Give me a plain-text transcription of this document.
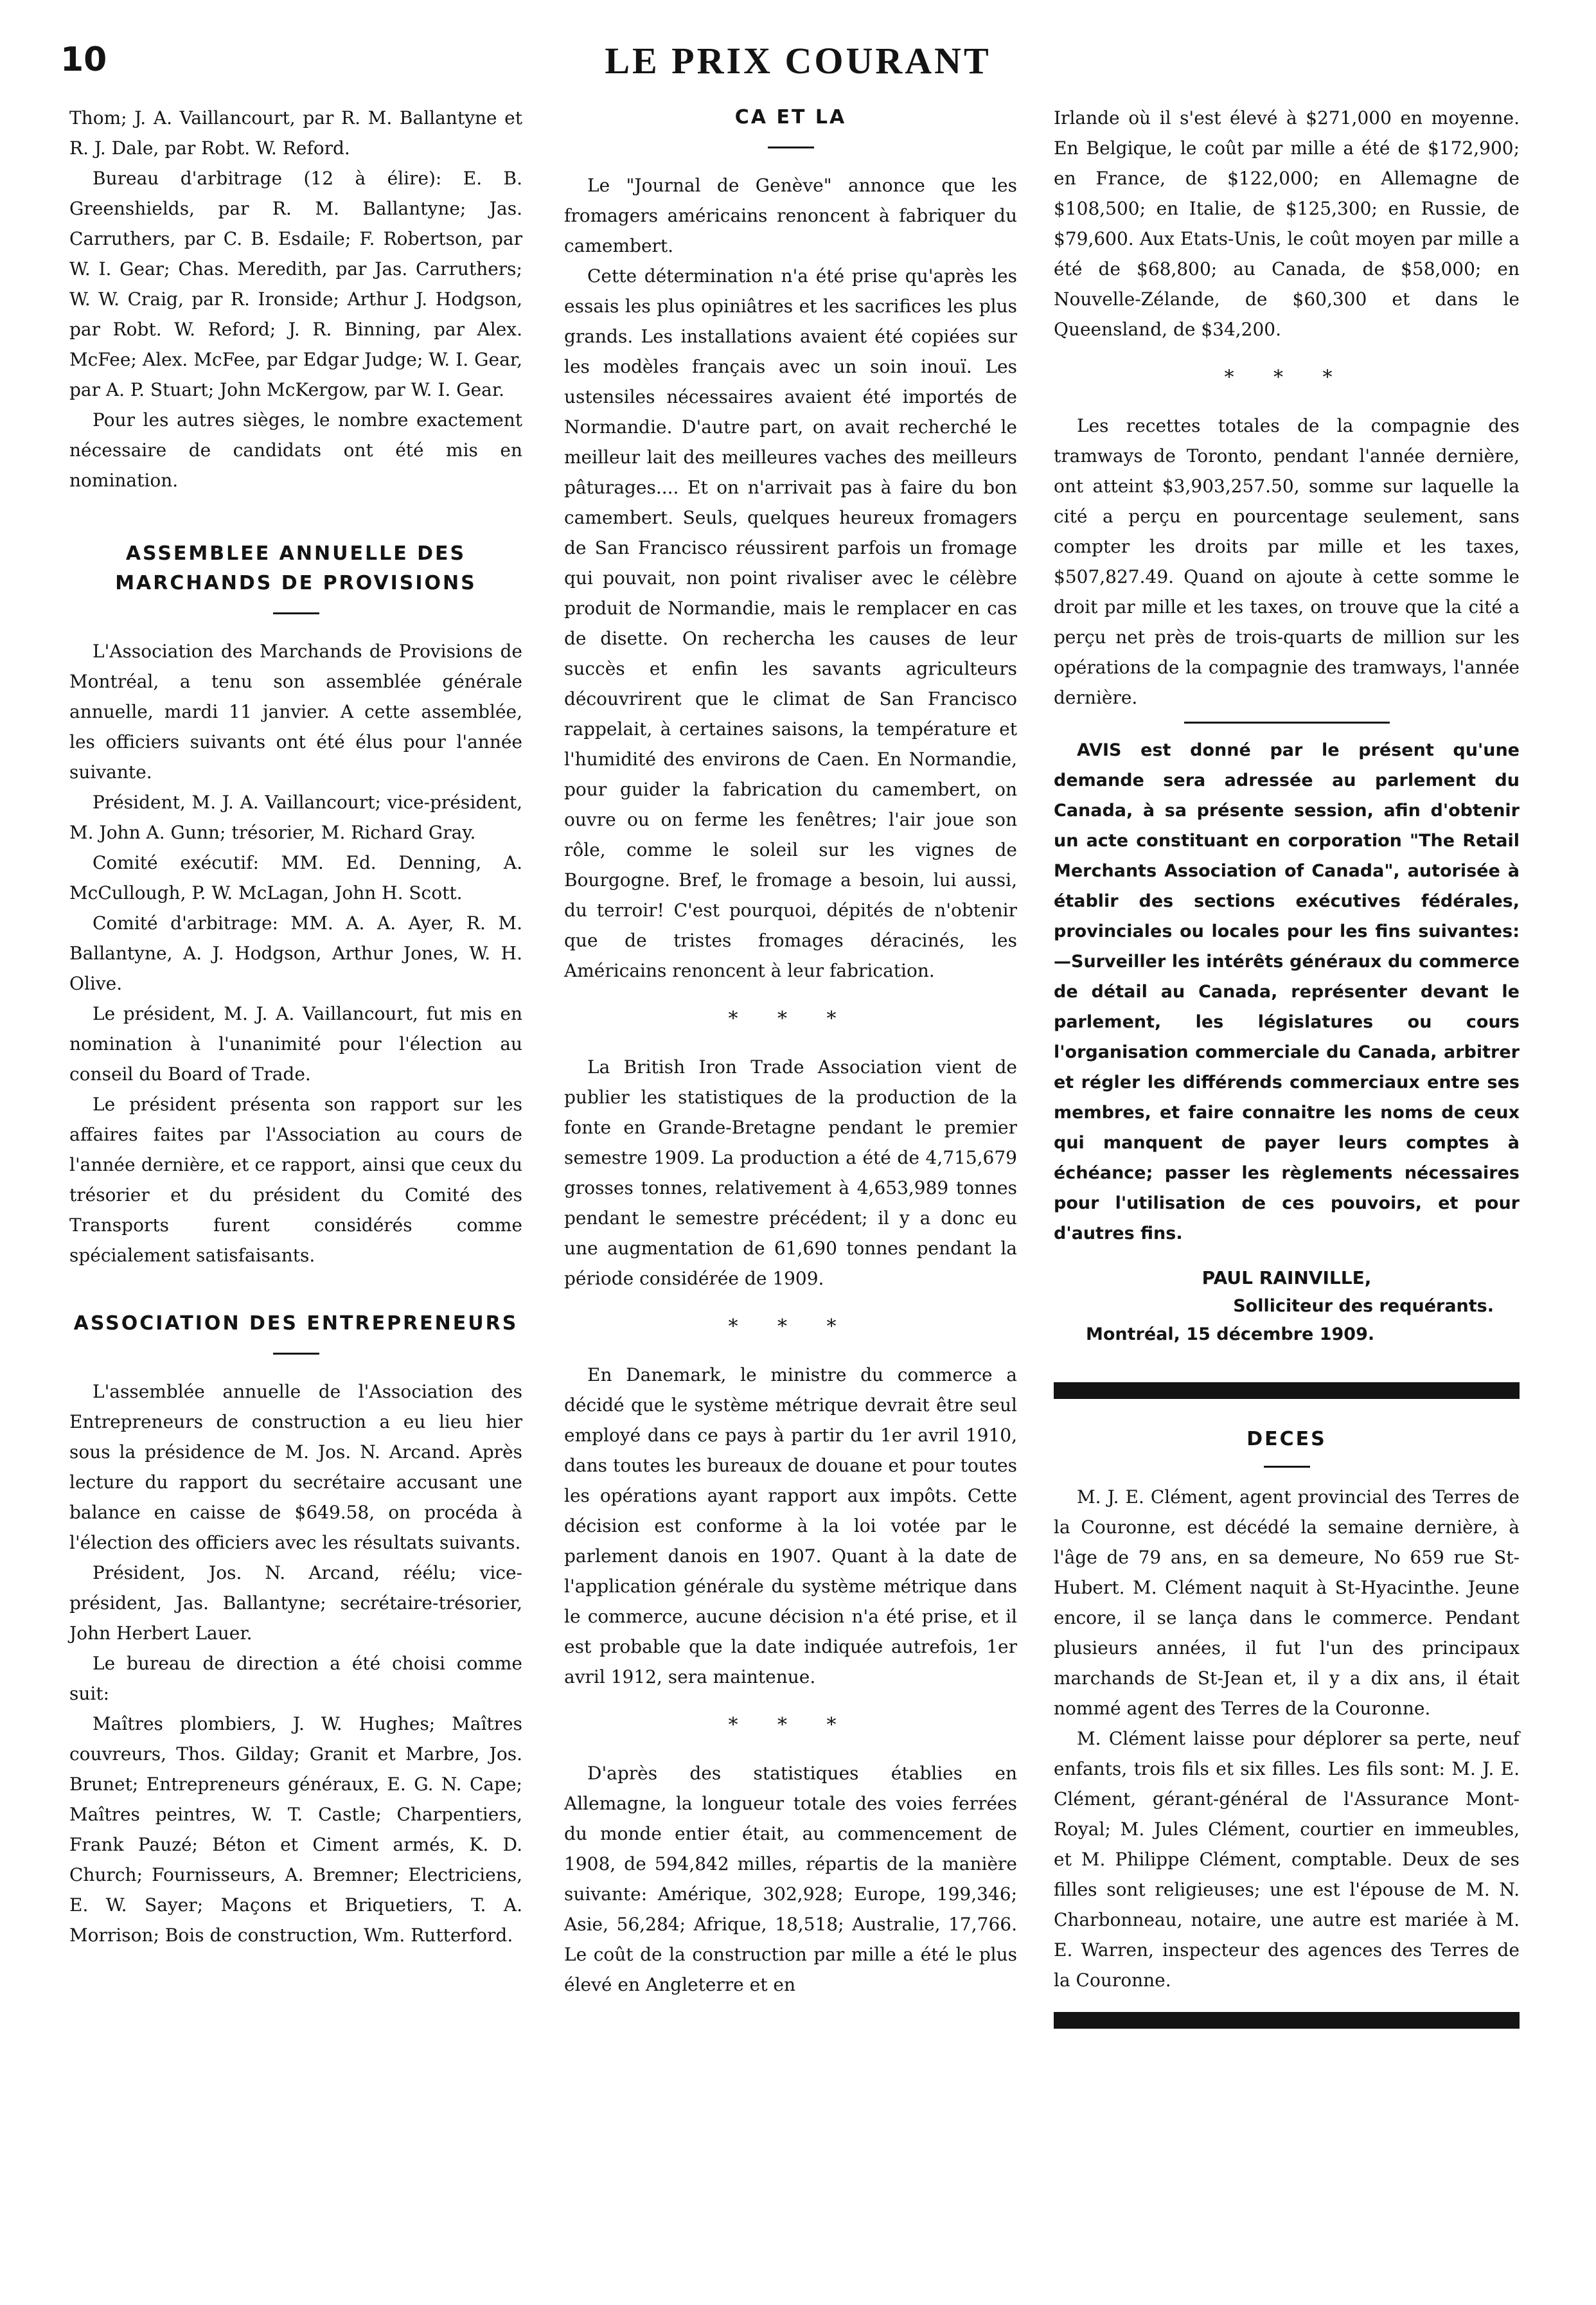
10	LE PRIX COURANT

Thom; J. A. Vaillancourt, par R. M. Ballantyne et R. J. Dale, par Robt. W. Reford.

Bureau d'arbitrage (12 à élire): E. B. Greenshields, par R. M. Ballantyne; Jas. Carruthers, par C. B. Esdaile; F. Robertson, par W. I. Gear; Chas. Meredith, par Jas. Carruthers; W. W. Craig, par R. Ironside; Arthur J. Hodgson, par Robt. W. Reford; J. R. Binning, par Alex. McFee; Alex. McFee, par Edgar Judge; W. I. Gear, par A. P. Stuart; John McKergow, par W. I. Gear.

Pour les autres sièges, le nombre exactement nécessaire de candidats ont été mis en nomination.

ASSEMBLEE ANNUELLE DES MARCHANDS DE PROVISIONS

L'Association des Marchands de Provisions de Montréal, a tenu son assemblée générale annuelle, mardi 11 janvier. A cette assemblée, les officiers suivants ont été élus pour l'année suivante.

Président, M. J. A. Vaillancourt; vice-président, M. John A. Gunn; trésorier, M. Richard Gray.

Comité exécutif: MM. Ed. Denning, A. McCullough, P. W. McLagan, John H. Scott.

Comité d'arbitrage: MM. A. A. Ayer, R. M. Ballantyne, A. J. Hodgson, Arthur Jones, W. H. Olive.

Le président, M. J. A. Vaillancourt, fut mis en nomination à l'unanimité pour l'élection au conseil du Board of Trade.

Le président présenta son rapport sur les affaires faites par l'Association au cours de l'année dernière, et ce rapport, ainsi que ceux du trésorier et du président du Comité des Transports furent considérés comme spécialement satisfaisants.

ASSOCIATION DES ENTREPRENEURS

L'assemblée annuelle de l'Association des Entrepreneurs de construction a eu lieu hier sous la présidence de M. Jos. N. Arcand. Après lecture du rapport du secrétaire accusant une balance en caisse de $649.58, on procéda à l'élection des officiers avec les résultats suivants.

Président, Jos. N. Arcand, réélu; vice-président, Jas. Ballantyne; secrétaire-trésorier, John Herbert Lauer.

Le bureau de direction a été choisi comme suit:

Maîtres plombiers, J. W. Hughes; Maîtres couvreurs, Thos. Gilday; Granit et Marbre, Jos. Brunet; Entrepreneurs généraux, E. G. N. Cape; Maîtres peintres, W. T. Castle; Charpentiers, Frank Pauzé; Béton et Ciment armés, K. D. Church; Fournisseurs, A. Bremner; Electriciens, E. W. Sayer; Maçons et Briquetiers, T. A. Morrison; Bois de construction, Wm. Rutterford.

CA ET LA

Le "Journal de Genève" annonce que les fromagers américains renoncent à fabriquer du camembert.

Cette détermination n'a été prise qu'après les essais les plus opiniâtres et les sacrifices les plus grands. Les installations avaient été copiées sur les modèles français avec un soin inouï. Les ustensiles nécessaires avaient été importés de Normandie. D'autre part, on avait recherché le meilleur lait des meilleures vaches des meilleurs pâturages.... Et on n'arrivait pas à faire du bon camembert. Seuls, quelques heureux fromagers de San Francisco réussirent parfois un fromage qui pouvait, non point rivaliser avec le célèbre produit de Normandie, mais le remplacer en cas de disette. On rechercha les causes de leur succès et enfin les savants agriculteurs découvrirent que le climat de San Francisco rappelait, à certaines saisons, la température et l'humidité des environs de Caen. En Normandie, pour guider la fabrication du camembert, on ouvre ou on ferme les fenêtres; l'air joue son rôle, comme le soleil sur les vignes de Bourgogne. Bref, le fromage a besoin, lui aussi, du terroir! C'est pourquoi, dépités de n'obtenir que de tristes fromages déracinés, les Américains renoncent à leur fabrication.

* * *

La British Iron Trade Association vient de publier les statistiques de la production de la fonte en Grande-Bretagne pendant le premier semestre 1909. La production a été de 4,715,679 grosses tonnes, relativement à 4,653,989 tonnes pendant le semestre précédent; il y a donc eu une augmentation de 61,690 tonnes pendant la période considérée de 1909.

* * *

En Danemark, le ministre du commerce a décidé que le système métrique devrait être seul employé dans ce pays à partir du 1er avril 1910, dans toutes les bureaux de douane et pour toutes les opérations ayant rapport aux impôts. Cette décision est conforme à la loi votée par le parlement danois en 1907. Quant à la date de l'application générale du système métrique dans le commerce, aucune décision n'a été prise, et il est probable que la date indiquée autrefois, 1er avril 1912, sera maintenue.

* * *

D'après des statistiques établies en Allemagne, la longueur totale des voies ferrées du monde entier était, au commencement de 1908, de 594,842 milles, répartis de la manière suivante: Amérique, 302,928; Europe, 199,346; Asie, 56,284; Afrique, 18,518; Australie, 17,766. Le coût de la construction par mille a été le plus élevé en Angleterre et en

Irlande où il s'est élevé à $271,000 en moyenne. En Belgique, le coût par mille a été de $172,900; en France, de $122,000; en Allemagne de $108,500; en Italie, de $125,300; en Russie, de $79,600. Aux Etats-Unis, le coût moyen par mille a été de $68,800; au Canada, de $58,000; en Nouvelle-Zélande, de $60,300 et dans le Queensland, de $34,200.

* * *

Les recettes totales de la compagnie des tramways de Toronto, pendant l'année dernière, ont atteint $3,903,257.50, somme sur laquelle la cité a perçu en pourcentage seulement, sans compter les droits par mille et les taxes, $507,827.49. Quand on ajoute à cette somme le droit par mille et les taxes, on trouve que la cité a perçu net près de trois-quarts de million sur les opérations de la compagnie des tramways, l'année dernière.

AVIS est donné par le présent qu'une demande sera adressée au parlement du Canada, à sa présente session, afin d'obtenir un acte constituant en corporation "The Retail Merchants Association of Canada", autorisée à établir des sections exécutives fédérales, provinciales ou locales pour les fins suivantes:—Surveiller les intérêts généraux du commerce de détail au Canada, représenter devant le parlement, les législatures ou cours l'organisation commerciale du Canada, arbitrer et régler les différends commerciaux entre ses membres, et faire connaitre les noms de ceux qui manquent de payer leurs comptes à échéance; passer les règlements nécessaires pour l'utilisation de ces pouvoirs, et pour d'autres fins.

PAUL RAINVILLE,
Solliciteur des requérants.
Montréal, 15 décembre 1909.
DECES

M. J. E. Clément, agent provincial des Terres de la Couronne, est décédé la semaine dernière, à l'âge de 79 ans, en sa demeure, No 659 rue St-Hubert. M. Clément naquit à St-Hyacinthe. Jeune encore, il se lança dans le commerce. Pendant plusieurs années, il fut l'un des principaux marchands de St-Jean et, il y a dix ans, il était nommé agent des Terres de la Couronne.

M. Clément laisse pour déplorer sa perte, neuf enfants, trois fils et six filles. Les fils sont: M. J. E. Clément, gérant-général de l'Assurance Mont-Royal; M. Jules Clément, courtier en immeubles, et M. Philippe Clément, comptable. Deux de ses filles sont religieuses; une est l'épouse de M. N. Charbonneau, notaire, une autre est mariée à M. E. Warren, inspecteur des agences des Terres de la Couronne.
